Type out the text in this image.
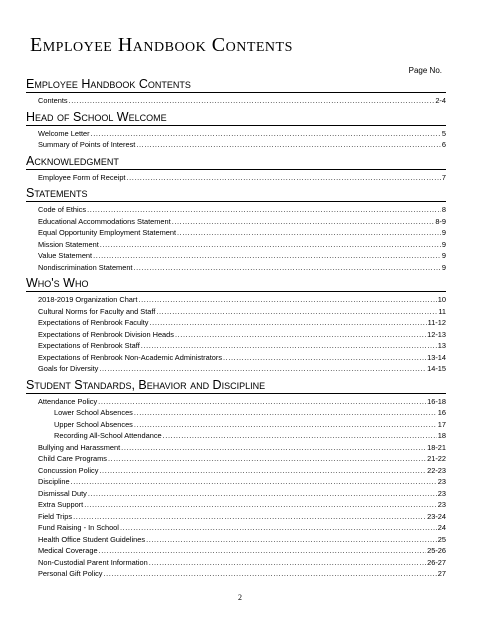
Employee Handbook Contents
Page No.
Employee Handbook Contents
Contents .....	2-4
Head of School Welcome
Welcome Letter .....	5
Summary of Points of Interest .....	6
Acknowledgment
Employee Form of Receipt .....	7
Statements
Code of Ethics .....	8
Educational Accommodations Statement .....	8-9
Equal Opportunity Employment Statement .....	9
Mission Statement .....	9
Value Statement .....	9
Nondiscrimination Statement .....	9
Who's Who
2018-2019 Organization Chart .....	10
Cultural Norms for Faculty and Staff .....	11
Expectations of Renbrook Faculty .....	11-12
Expectations of Renbrook Division Heads .....	12-13
Expectations of Renbrook Staff .....	13
Expectations of Renbrook Non-Academic Administrators .....	13-14
Goals for Diversity .....	14-15
Student Standards, Behavior and Discipline
Attendance Policy .....	16-18
Lower School Absences .....	16
Upper School Absences .....	17
Recording All-School Attendance .....	18
Bullying and Harassment .....	18-21
Child Care Programs .....	21-22
Concussion Policy .....	22-23
Discipline .....	23
Dismissal Duty .....	23
Extra Support .....	23
Field Trips .....	23-24
Fund Raising - In School .....	24
Health Office Student Guidelines .....	25
Medical Coverage .....	25-26
Non-Custodial Parent Information .....	26-27
Personal Gift Policy .....	27
2
